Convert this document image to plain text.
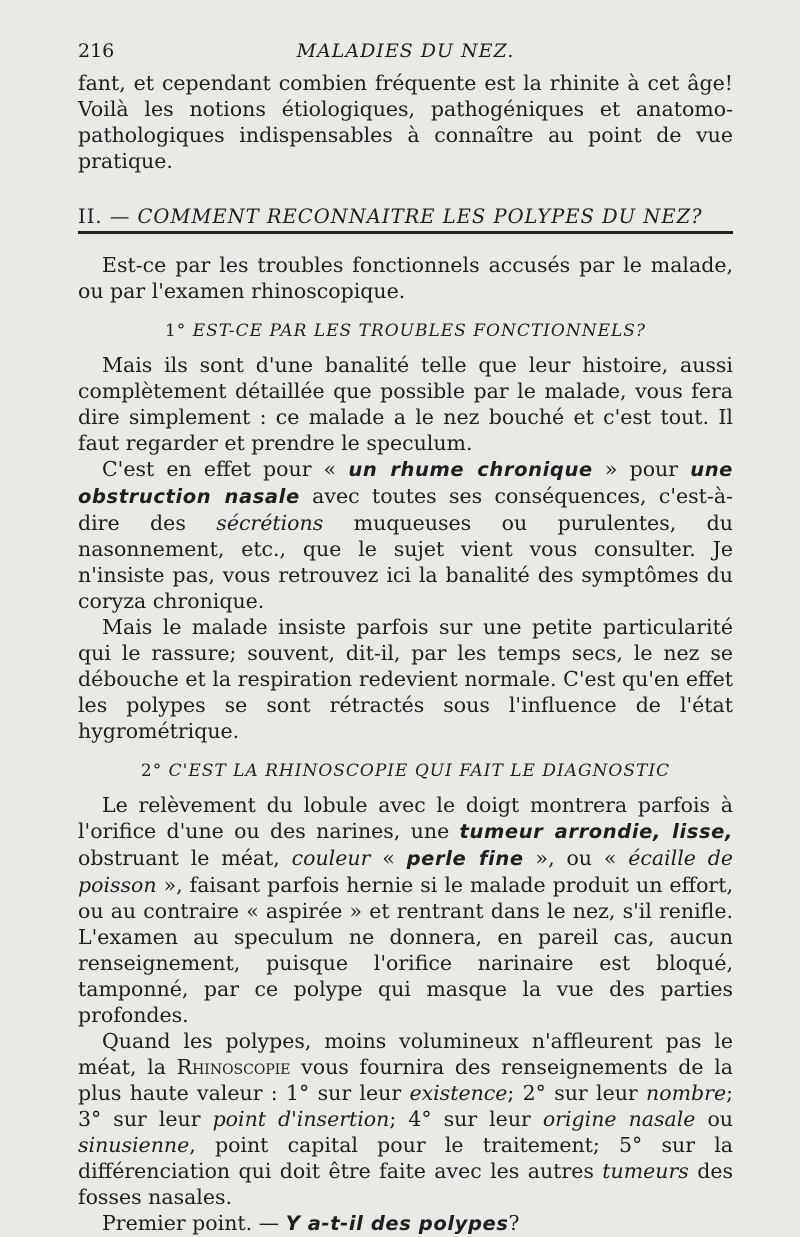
216	MALADIES DU NEZ.

fant, et cependant combien fréquente est la rhinite à cet âge! Voilà les notions étiologiques, pathogéniques et anatomo-pathologiques indispensables à connaître au point de vue pratique.

II. — COMMENT RECONNAITRE LES POLYPES DU NEZ?

Est-ce par les troubles fonctionnels accusés par le malade, ou par l'examen rhinoscopique.

1° EST-CE PAR LES TROUBLES FONCTIONNELS?

Mais ils sont d'une banalité telle que leur histoire, aussi complètement détaillée que possible par le malade, vous fera dire simplement : ce malade a le nez bouché et c'est tout. Il faut regarder et prendre le speculum.

C'est en effet pour « un rhume chronique » pour une obstruction nasale avec toutes ses conséquences, c'est-à-dire des sécrétions muqueuses ou purulentes, du nasonnement, etc., que le sujet vient vous consulter. Je n'insiste pas, vous retrouvez ici la banalité des symptômes du coryza chronique.

Mais le malade insiste parfois sur une petite particularité qui le rassure; souvent, dit-il, par les temps secs, le nez se débouche et la respiration redevient normale. C'est qu'en effet les polypes se sont rétractés sous l'influence de l'état hygrométrique.

2° C'EST LA RHINOSCOPIE QUI FAIT LE DIAGNOSTIC

Le relèvement du lobule avec le doigt montrera parfois à l'orifice d'une ou des narines, une tumeur arrondie, lisse, obstruant le méat, couleur « perle fine », ou « écaille de poisson », faisant parfois hernie si le malade produit un effort, ou au contraire « aspirée » et rentrant dans le nez, s'il renifle. L'examen au speculum ne donnera, en pareil cas, aucun renseignement, puisque l'orifice narinaire est bloqué, tamponné, par ce polype qui masque la vue des parties profondes.

Quand les polypes, moins volumineux n'affleurent pas le méat, la Rhinoscopie vous fournira des renseignements de la plus haute valeur : 1° sur leur existence; 2° sur leur nombre; 3° sur leur point d'insertion; 4° sur leur origine nasale ou sinusienne, point capital pour le traitement; 5° sur la différenciation qui doit être faite avec les autres tumeurs des fosses nasales.

Premier point. — Y a-t-il des polypes?
